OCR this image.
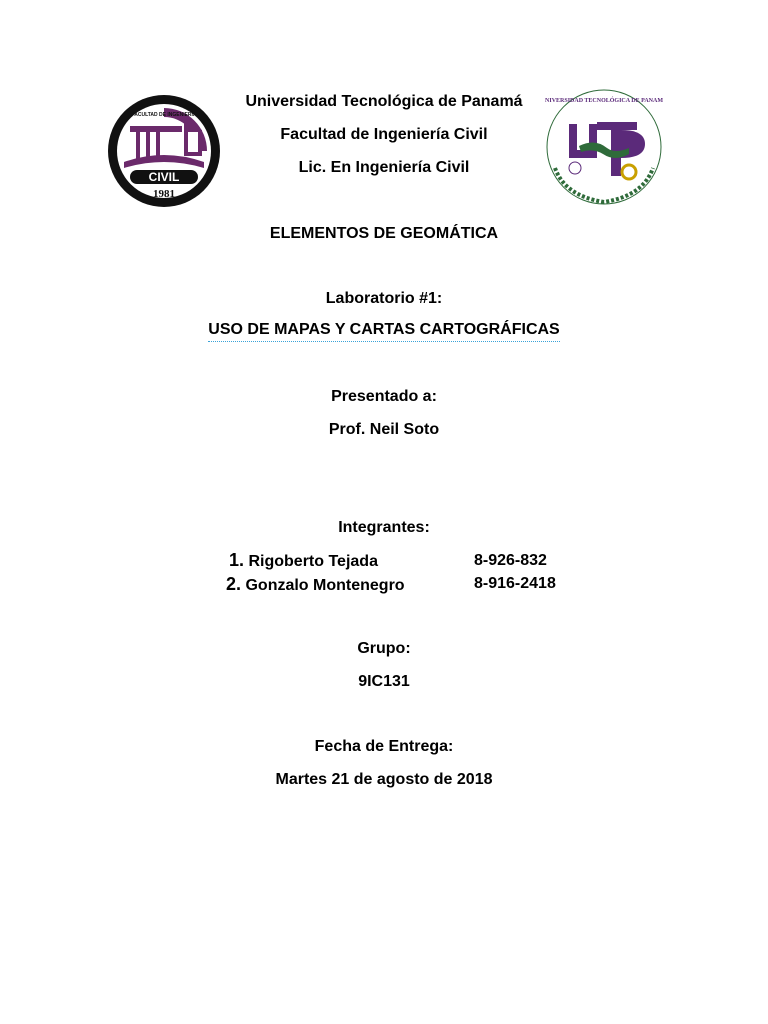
CIVIL
1981
FACULTAD DE INGENIERÍA
UNIVERSIDAD TECNOLÓGICA DE PANAMÁ
Universidad Tecnológica de Panamá
Facultad de Ingeniería Civil
Lic. En Ingeniería Civil
ELEMENTOS DE GEOMÁTICA
Laboratorio #1:
USO DE MAPAS Y CARTAS CARTOGRÁFICAS
Presentado a:
Prof. Neil Soto
Integrantes:
1. Rigoberto Tejada	8-926-832
2. Gonzalo Montenegro	8-916-2418
Grupo:
9IC131
Fecha de Entrega:
Martes 21 de agosto de 2018
